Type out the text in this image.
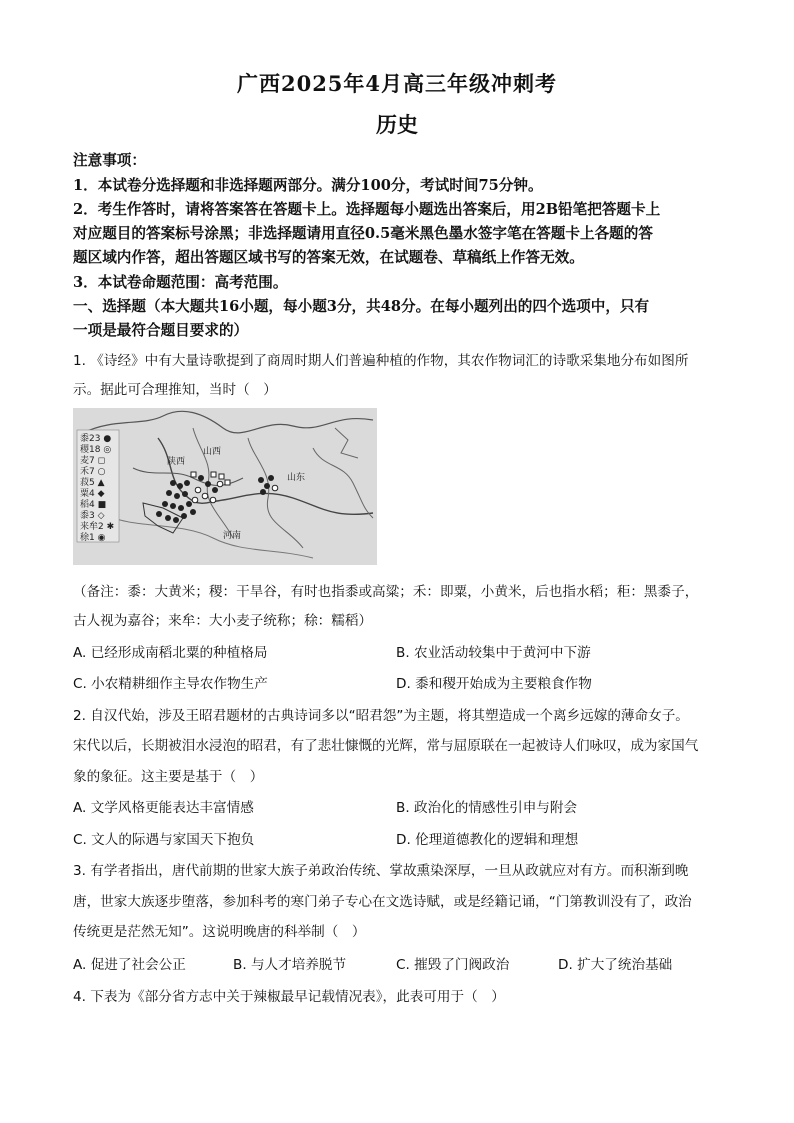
广西2025年4月高三年级冲刺考
历史
注意事项：
1．本试卷分选择题和非选择题两部分。满分100分，考试时间75分钟。
2．考生作答时，请将答案答在答题卡上。选择题每小题选出答案后，用2B铅笔把答题卡上
对应题目的答案标号涂黑；非选择题请用直径0.5毫米黑色墨水签字笔在答题卡上各题的答
题区域内作答，超出答题区域书写的答案无效，在试题卷、草稿纸上作答无效。
3．本试卷命题范围：高考范围。
一、选择题（本大题共16小题，每小题3分，共48分。在每小题列出的四个选项中，只有
一项是最符合题目要求的）
1. 《诗经》中有大量诗歌提到了商周时期人们普遍种植的作物，其农作物词汇的诗歌采集地分布如图所
示。据此可合理推知，当时（　）
黍23 ●
稷18 ◎
麦7 ◻
禾7 ○
菽5 ▲
粟4 ◆
稻4 ■
黍3 ◇
来牟2 ✱
稌1 ◉
山西
陕西
山东
河南
（备注：黍：大黄米；稷：干旱谷，有时也指黍或高粱；禾：即粟，小黄米，后也指水稻；秬：黑黍子，
古人视为嘉谷；来牟：大小麦子统称；稌：糯稻）
A. 已经形成南稻北粟的种植格局	B. 农业活动较集中于黄河中下游
C. 小农精耕细作主导农作物生产	D. 黍和稷开始成为主要粮食作物
2. 自汉代始，涉及王昭君题材的古典诗词多以“昭君怨”为主题，将其塑造成一个离乡远嫁的薄命女子。
宋代以后，长期被泪水浸泡的昭君，有了悲壮慷慨的光辉，常与屈原联在一起被诗人们咏叹，成为家国气
象的象征。这主要是基于（　）
A. 文学风格更能表达丰富情感	B. 政治化的情感性引申与附会
C. 文人的际遇与家国天下抱负	D. 伦理道德教化的逻辑和理想
3. 有学者指出，唐代前期的世家大族子弟政治传统、掌故熏染深厚，一旦从政就应对有方。而积渐到晚
唐，世家大族逐步堕落，参加科考的寒门弟子专心在文选诗赋，或是经籍记诵，“门第教训没有了，政治
传统更是茫然无知”。这说明晚唐的科举制（　）
A. 促进了社会公正	B. 与人才培养脱节	C. 摧毁了门阀政治	D. 扩大了统治基础
4. 下表为《部分省方志中关于辣椒最早记载情况表》，此表可用于（　）
